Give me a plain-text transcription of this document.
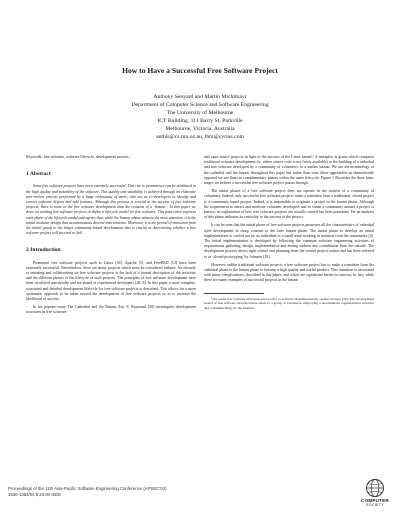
How to Have a Successful Free Software Project
Anthony Senyard and Martin Michlmayr
Department of Computer Science and Software Engineering
The University of Melbourne
ICT Building, 111 Barry St, Parkville
Melbourne, Victoria, Australia
anthls@cs.mu.oz.au, tbm@cyrius.com

Keywords: free software, software lifecycle, development process.

1 Abstract

Some free software projects have been extremely successful. This rise to prominence can be attributed to the high quality and suitability of the software. This quality and suitability is achieved through an elaborate peer-review process performed by a large community of users, who act as co-developers to identify and correct software defects and add features. Although this process is crucial to the success of free software projects, there is more to the free software development than the creation of a ‘bazaar’. In this paper we draw on existing free software projects to define a lifecycle model for free software. This paper then explores each phase of the lifecycle model and agrees that, while the bazaar phase attracts the most attention, it is the initial modular design that accommodates diverse interventions. Moreover, it is the period of transition from the initial group to the larger community based development that is crucial in determining whether a free software project will succeed or fail.

2 Introduction

Prominent free software projects such as Linux [34], Apache [1], and FreeBSD [12] have been extremely successful. Nevertheless, there are many projects which must be considered failures. An obstacle to initiating and collaborating on free software projects is the lack of a formal description of the activities and the different phases of the lifecycle of such projects. The principles of free software development have been circulated anecdotally and are aimed at experienced developers [28, 8]. In this paper a more complete, structured and detailed development lifecycle for free software projects is described. This allows for a more systematic approach to be taken toward the development of free software projects so as to increase the likelihood of success.

In his popular essay The Cathedral and the Bazaar, Eric S. Raymond [28] investigates development structures in free software

and open source projects in light of the success of the Linux kernel.¹ A metaphor is given which compares traditional software development (ie. where source code is not freely available) to the building of a cathedral and free software developed by a community of volunteers, to a market bazaar. We use the terminology of the cathedral and the bazaar throughout this paper but rather than view these approaches as diametrically opposed we see them as complimentary phases within the same lifecycle. Figure 1 illustrates the three basic stages we believe a successful free software project passes through.

The initial phases of a free software project does not operate in the context of a community of volunteers. Indeed, only successful free software projects make a transition from a traditional, closed project to a community based project. Indeed, it is impossible to originate a project in the bazaar phase. Although the requirement to attract and motivate volunteer developers and to create a community around a project is known, no explanation of how free software projects are actually started has been presented. Yet an analysis of this phase indicates its centrality to the success of the project.

It can be seen that the initial phase of free software projects possesses all the characteristics of cathedral style development in sharp contrast to the later bazaar phase. The initial phase to develop an initial implementation is carried out by an individual or a small team working in isolation from the community [4]. The initial implementation is developed by following the common software engineering activities of requirements gathering, design, implementation and testing without any contribution from the outside. The development process shows tight control and planning from the central project author and has been referred to as ‘closed prototyping’ by Johnson [18].

However, unlike traditional software projects a free software project has to make a transition from the cathedral phase to the bazaar phase to become a high quality and useful product. This transition is associated with many complications, described in this paper, and which are significant barrier to success. In fact, while there are many examples of successful projects in the bazaar

¹The terms free software and open source refer to software distributed under certain licenses [26]. The development model of free software described here refers to a group of volunteers, employing a decentralised organisational structure and communicating via the Internet.

Proceedings of the 11th Asia-Pacific Software Engineering Conference (APSEC’04)
1530-1362/04 $ 20.00 IEEE
COMPUTER
SOCIETY
